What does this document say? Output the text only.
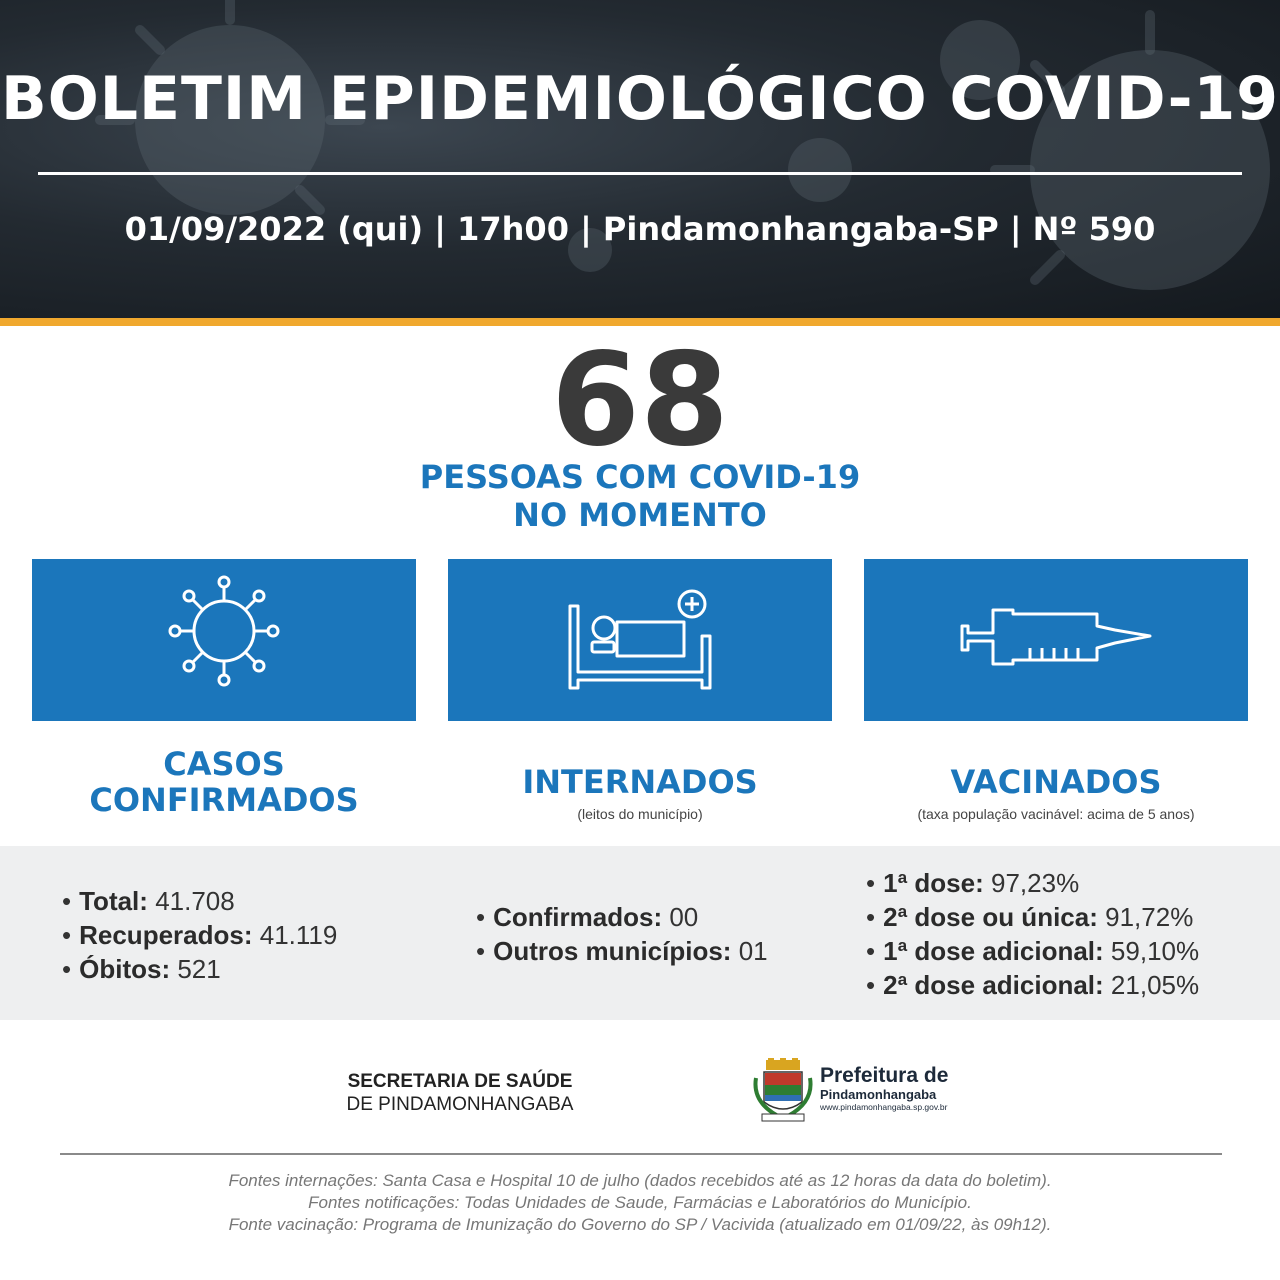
BOLETIM EPIDEMIOLÓGICO COVID-19
01/09/2022 (qui) | 17h00 | Pindamonhangaba-SP | Nº 590
68
PESSOAS COM COVID-19
NO MOMENTO
CASOS
CONFIRMADOS	INTERNADOS
(leitos do município)
VACINADOS
(taxa população vacinável: acima de 5 anos)
• Total: 41.708
• Recuperados: 41.119
• Óbitos: 521
• Confirmados: 00
• Outros municípios: 01
• 1ª dose: 97,23%
• 2ª dose ou única: 91,72%
• 1ª dose adicional: 59,10%
• 2ª dose adicional: 21,05%
SECRETARIA DE SAÚDE
DE PINDAMONHANGABA
Prefeitura de
Pindamonhangaba
www.pindamonhangaba.sp.gov.br
Fontes internações: Santa Casa e Hospital 10 de julho (dados recebidos até as 12 horas da data do boletim).
Fontes notificações: Todas Unidades de Saude, Farmácias e Laboratórios do Município.
Fonte vacinação: Programa de Imunização do Governo do SP / Vacivida (atualizado em 01/09/22, às 09h12).
